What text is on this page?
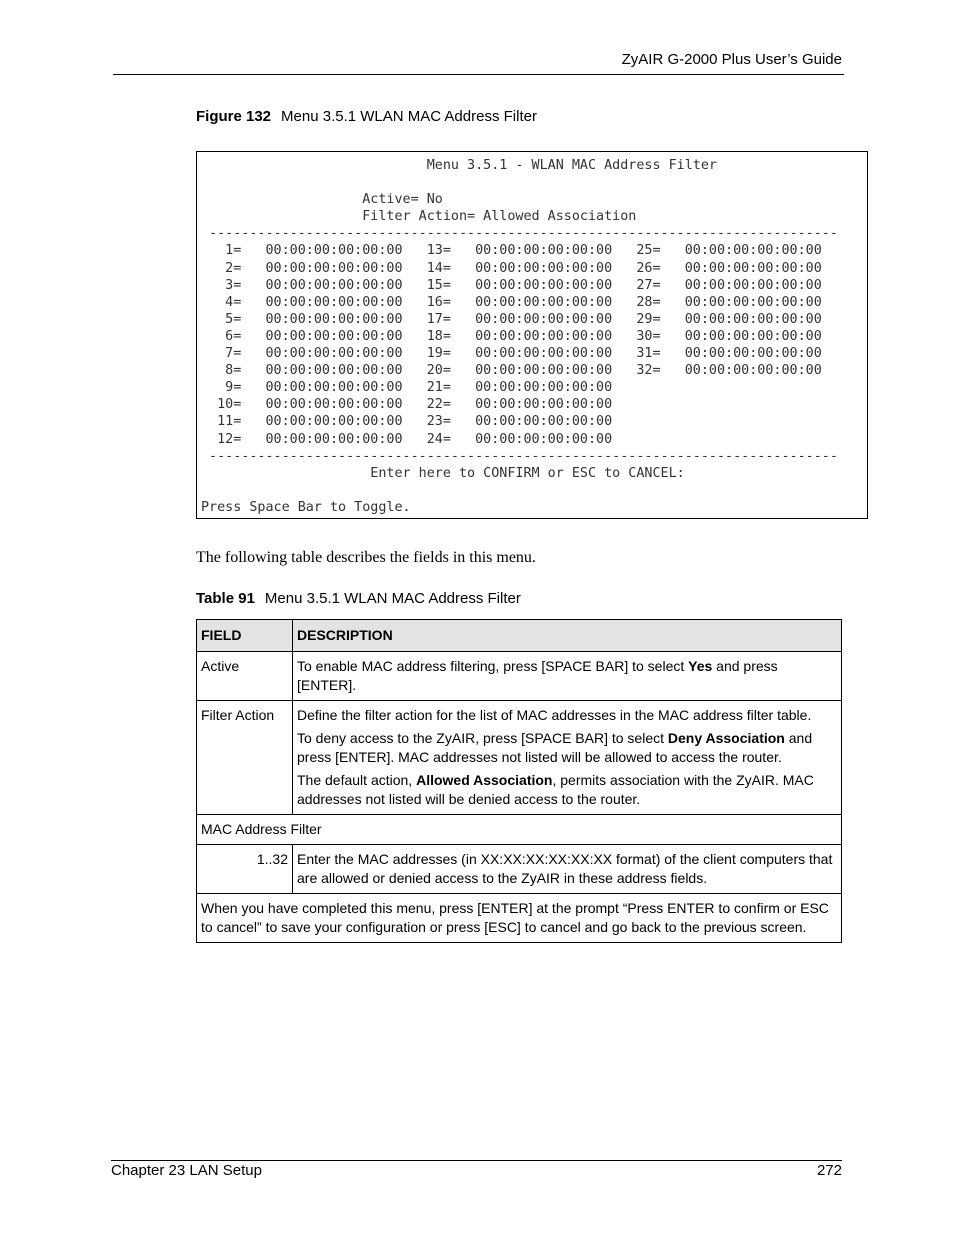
ZyAIR G-2000 Plus User’s Guide
Figure 132 Menu 3.5.1 WLAN MAC Address Filter
Menu 3.5.1 - WLAN MAC Address Filter

Active= No
Filter Action= Allowed Association
------------------------------------------------------------------------------
1=   00:00:00:00:00:00   13=   00:00:00:00:00:00   25=   00:00:00:00:00:00
2=   00:00:00:00:00:00   14=   00:00:00:00:00:00   26=   00:00:00:00:00:00
3=   00:00:00:00:00:00   15=   00:00:00:00:00:00   27=   00:00:00:00:00:00
4=   00:00:00:00:00:00   16=   00:00:00:00:00:00   28=   00:00:00:00:00:00
5=   00:00:00:00:00:00   17=   00:00:00:00:00:00   29=   00:00:00:00:00:00
6=   00:00:00:00:00:00   18=   00:00:00:00:00:00   30=   00:00:00:00:00:00
7=   00:00:00:00:00:00   19=   00:00:00:00:00:00   31=   00:00:00:00:00:00
8=   00:00:00:00:00:00   20=   00:00:00:00:00:00   32=   00:00:00:00:00:00
9=   00:00:00:00:00:00   21=   00:00:00:00:00:00
10=   00:00:00:00:00:00   22=   00:00:00:00:00:00
11=   00:00:00:00:00:00   23=   00:00:00:00:00:00
12=   00:00:00:00:00:00   24=   00:00:00:00:00:00
------------------------------------------------------------------------------
Enter here to CONFIRM or ESC to CANCEL:

Press Space Bar to Toggle.
The following table describes the fields in this menu.
Table 91 Menu 3.5.1 WLAN MAC Address Filter
FIELD	DESCRIPTION
Active	To enable MAC address filtering, press [SPACE BAR] to select Yes and press [ENTER].
Filter Action	Define the filter action for the list of MAC addresses in the MAC address filter table.

To deny access to the ZyAIR, press [SPACE BAR] to select Deny Association and press [ENTER]. MAC addresses not listed will be allowed to access the router.

The default action, Allowed Association, permits association with the ZyAIR. MAC addresses not listed will be denied access to the router.

MAC Address Filter	
1..32	Enter the MAC addresses (in XX:XX:XX:XX:XX:XX format) of the client computers that are allowed or denied access to the ZyAIR in these address fields.
When you have completed this menu, press [ENTER] at the prompt “Press ENTER to confirm or ESC to cancel” to save your configuration or press [ESC] to cancel and go back to the previous screen.	
Chapter 23 LAN Setup	272
